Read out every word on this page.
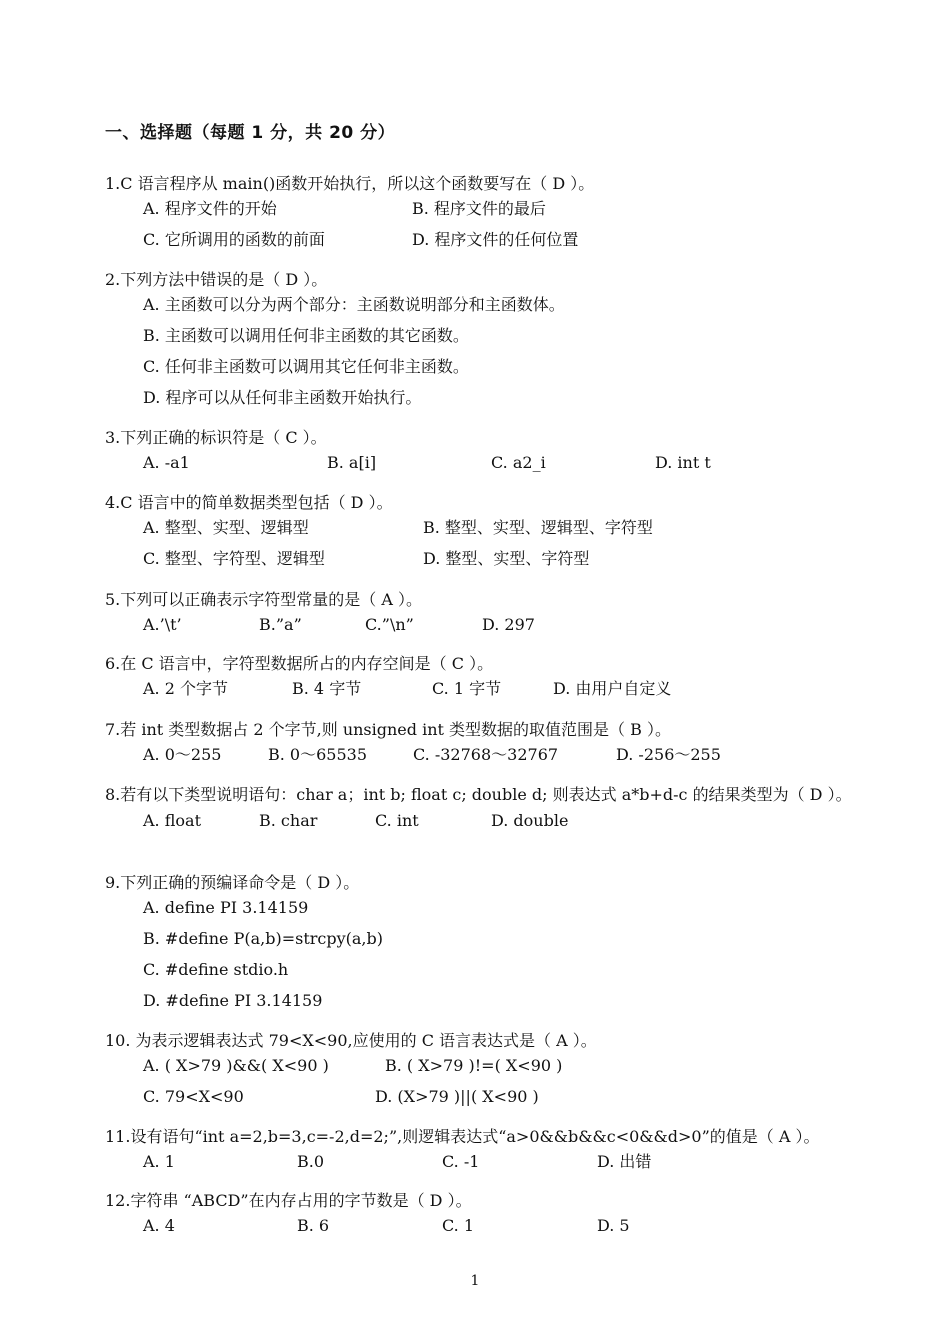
一、选择题（每题 1 分，共 20 分）
1.C 语言程序从 main()函数开始执行，所以这个函数要写在（ D ）。
A. 程序文件的开始	B. 程序文件的最后
C. 它所调用的函数的前面	D. 程序文件的任何位置
2.下列方法中错误的是（ D ）。
A. 主函数可以分为两个部分：主函数说明部分和主函数体。
B. 主函数可以调用任何非主函数的其它函数。
C. 任何非主函数可以调用其它任何非主函数。
D. 程序可以从任何非主函数开始执行。
3.下列正确的标识符是（ C ）。
A. -a1	B. a[i]	C. a2_i	D. int t
4.C 语言中的简单数据类型包括（ D ）。
A. 整型、实型、逻辑型	B. 整型、实型、逻辑型、字符型
C. 整型、字符型、逻辑型	D. 整型、实型、字符型
5.下列可以正确表示字符型常量的是（ A ）。
A.’\t’	B.”a”	C.”\n”	D. 297
6.在 C 语言中，字符型数据所占的内存空间是（ C ）。
A. 2 个字节	B. 4 字节	C. 1 字节	D. 由用户自定义
7.若 int 类型数据占 2 个字节,则 unsigned int 类型数据的取值范围是（ B ）。
A. 0～255	B. 0～65535	C. -32768～32767	D. -256～255
8.若有以下类型说明语句：char a；int b; float c; double d; 则表达式 a*b+d-c 的结果类型为（ D ）。
A. float	B. char	C. int	D. double
9.下列正确的预编译命令是（ D ）。
A. define PI 3.14159
B. #define P(a,b)=strcpy(a,b)
C. #define stdio.h
D. #define PI 3.14159
10. 为表示逻辑表达式 79<X<90,应使用的 C 语言表达式是（ A ）。
A. ( X>79 )&&( X<90 )	B. ( X>79 )!=( X<90 )
C. 79<X<90	D. (X>79 )||( X<90 )
11.设有语句“int a=2,b=3,c=-2,d=2;”,则逻辑表达式“a>0&&b&&c<0&&d>0”的值是（ A ）。
A. 1	B.0	C. -1	D. 出错
12.字符串 “ABCD”在内存占用的字节数是（ D ）。
A. 4	B. 6	C. 1	D. 5
1
